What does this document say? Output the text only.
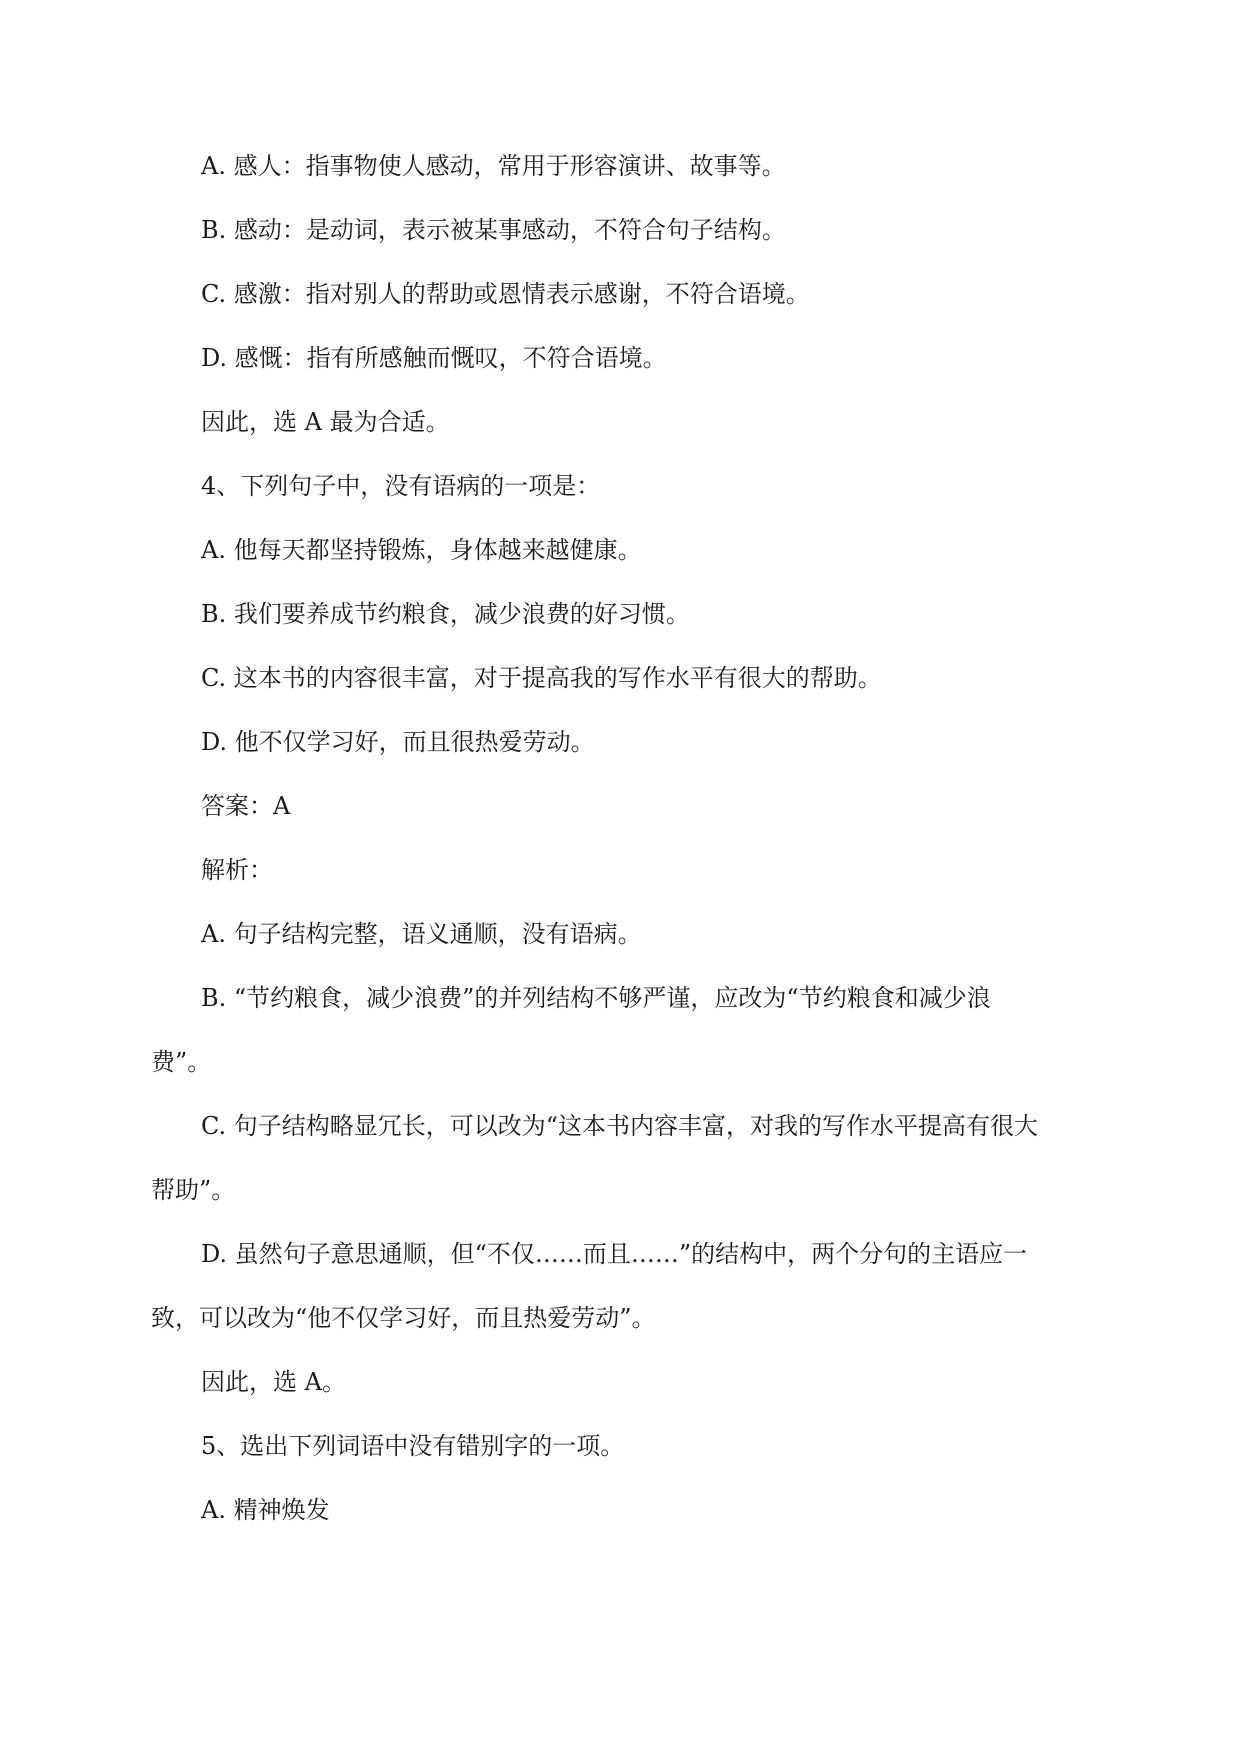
A. 感人：指事物使人感动，常用于形容演讲、故事等。
B. 感动：是动词，表示被某事感动，不符合句子结构。
C. 感激：指对别人的帮助或恩情表示感谢，不符合语境。
D. 感慨：指有所感触而慨叹，不符合语境。
因此，选 A 最为合适。
4、下列句子中，没有语病的一项是：
A. 他每天都坚持锻炼，身体越来越健康。
B. 我们要养成节约粮食，减少浪费的好习惯。
C. 这本书的内容很丰富，对于提高我的写作水平有很大的帮助。
D. 他不仅学习好，而且很热爱劳动。
答案：A
解析：
A. 句子结构完整，语义通顺，没有语病。
B. “节约粮食，减少浪费”的并列结构不够严谨，应改为“节约粮食和减少浪
费”。
C. 句子结构略显冗长，可以改为“这本书内容丰富，对我的写作水平提高有很大
帮助”。
D. 虽然句子意思通顺，但“不仅……而且……”的结构中，两个分句的主语应一
致，可以改为“他不仅学习好，而且热爱劳动”。
因此，选 A。
5、选出下列词语中没有错别字的一项。
A. 精神焕发
